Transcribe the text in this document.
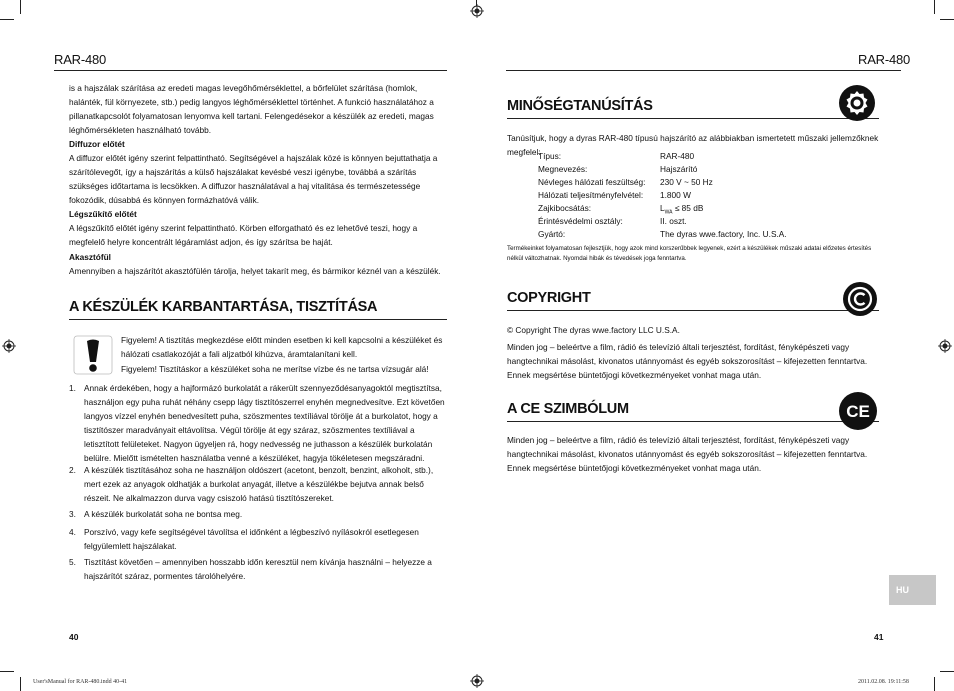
RAR-480	RAR-480
is a hajszálak szárítása az eredeti magas levegőhőmérséklettel, a bőrfelület szárítása (homlok, halánték, fül környezete, stb.) pedig langyos léghőmérséklettel történhet. A funkció használatához a pillanatkapcsolót folyamatosan lenyomva kell tartani. Felengedésekor a készülék az eredeti, magas léghőmérsékleten használható tovább.
Diffuzor előtét
A diffuzor előtét igény szerint felpattintható. Segítségével a hajszálak közé is könnyen bejuttathatja a szárítólevegőt, így a hajszárítás a külső hajszálakat kevésbé veszi igénybe, továbbá a szárítás szükséges időtartama is lecsökken. A diffuzor használatával a haj vitalitása és természetessége fokozódik, dúsabbá és könnyen formázhatóvá válik.
Légszűkítő előtét
A légszűkítő előtét igény szerint felpattintható. Körben elforgatható és ez lehetővé teszi, hogy a megfelelő helyre koncentrált légáramlást adjon, és így szárítsa be haját.
Akasztófül
Amennyiben a hajszárítót akasztófülén tárolja, helyet takarít meg, és bármikor kéznél van a készülék.
A KÉSZÜLÉK KARBANTARTÁSA, TISZTÍTÁSA
Figyelem! A tisztítás megkezdése előtt minden esetben ki kell kapcsolni a készüléket és hálózati csatlakozóját a fali aljzatból kihúzva, áramtalanítani kell.
Figyelem! Tisztításkor a készüléket soha ne merítse vízbe és ne tartsa vízsugár alá!
1. Annak érdekében, hogy a hajformázó burkolatát a rákerült szennyeződésanyagoktól megtisztítsa, használjon egy puha ruhát néhány csepp lágy tisztítószerrel enyhén megnedvesítve. Ezt követően langyos vízzel enyhén benedvesített puha, szöszmentes textíliával törölje át a burkolatot, hogy a tisztítószer maradványait eltávolítsa. Végül törölje át egy száraz, szöszmentes textíliával a letisztított felületeket. Nagyon ügyeljen rá, hogy nedvesség ne juthasson a készülék burkolatán belülre. Mielőtt ismételten használatba venné a készüléket, hagyja tökéletesen megszáradni.
2. A készülék tisztításához soha ne használjon oldószert (acetont, benzolt, benzint, alkoholt, stb.), mert ezek az anyagok oldhatják a burkolat anyagát, illetve a készülékbe bejutva annak belső részeit. Ne alkalmazzon durva vagy csiszoló hatású tisztítószereket.
3. A készülék burkolatát soha ne bontsa meg.
4. Porszívó, vagy kefe segítségével távolítsa el időnként a légbeszívó nyílásokról esetlegesen felgyülemlett hajszálakat.
5. Tisztítást követően – amennyiben hosszabb időn keresztül nem kívánja használni – helyezze a hajszárítót száraz, pormentes tárolóhelyére.
40
MINŐSÉGTANÚSÍTÁS
Tanúsítjuk, hogy a dyras RAR-480 típusú hajszárító az alábbiakban ismertetett műszaki jellemzőknek megfelel:
Típus:	RAR-480
Megnevezés:	Hajszárító
Névleges hálózati feszültség: 230 V ~ 50 Hz
Hálózati teljesítményfelvétel: 1.800 W
Zajkibocsátás:	$L_{WA} \le 85$ dB
Érintésvédelmi osztály:	II. oszt.
Gyártó:	The dyras wwe.factory, Inc. U.S.A.
Termékeinket folyamatosan fejlesztjük, hogy azok mind korszerűbbek legyenek, ezért a készülékek műszaki adatai előzetes értesítés nélkül változhatnak. Nyomdai hibák és tévedések joga fenntartva.
COPYRIGHT
© Copyright The dyras wwe.factory LLC U.S.A.
Minden jog – beleértve a film, rádió és televízió általi terjesztést, fordítást, fényképészeti vagy hangtechnikai másolást, kivonatos utánnyomást és egyéb sokszorosítást – kifejezetten fenntartva. Ennek megsértése büntetőjogi következményeket vonhat maga után.
A CE SZIMBÓLUM	CE
Minden jog – beleértve a film, rádió és televízió általi terjesztést, fordítást, fényképészeti vagy hangtechnikai másolást, kivonatos utánnyomást és egyéb sokszorosítást – kifejezetten fenntartva. Ennek megsértése büntetőjogi következményeket vonhat maga után.
HU
41
User'sManual for RAR-480.indd 40-41	2011.02.08. 19:11:58
